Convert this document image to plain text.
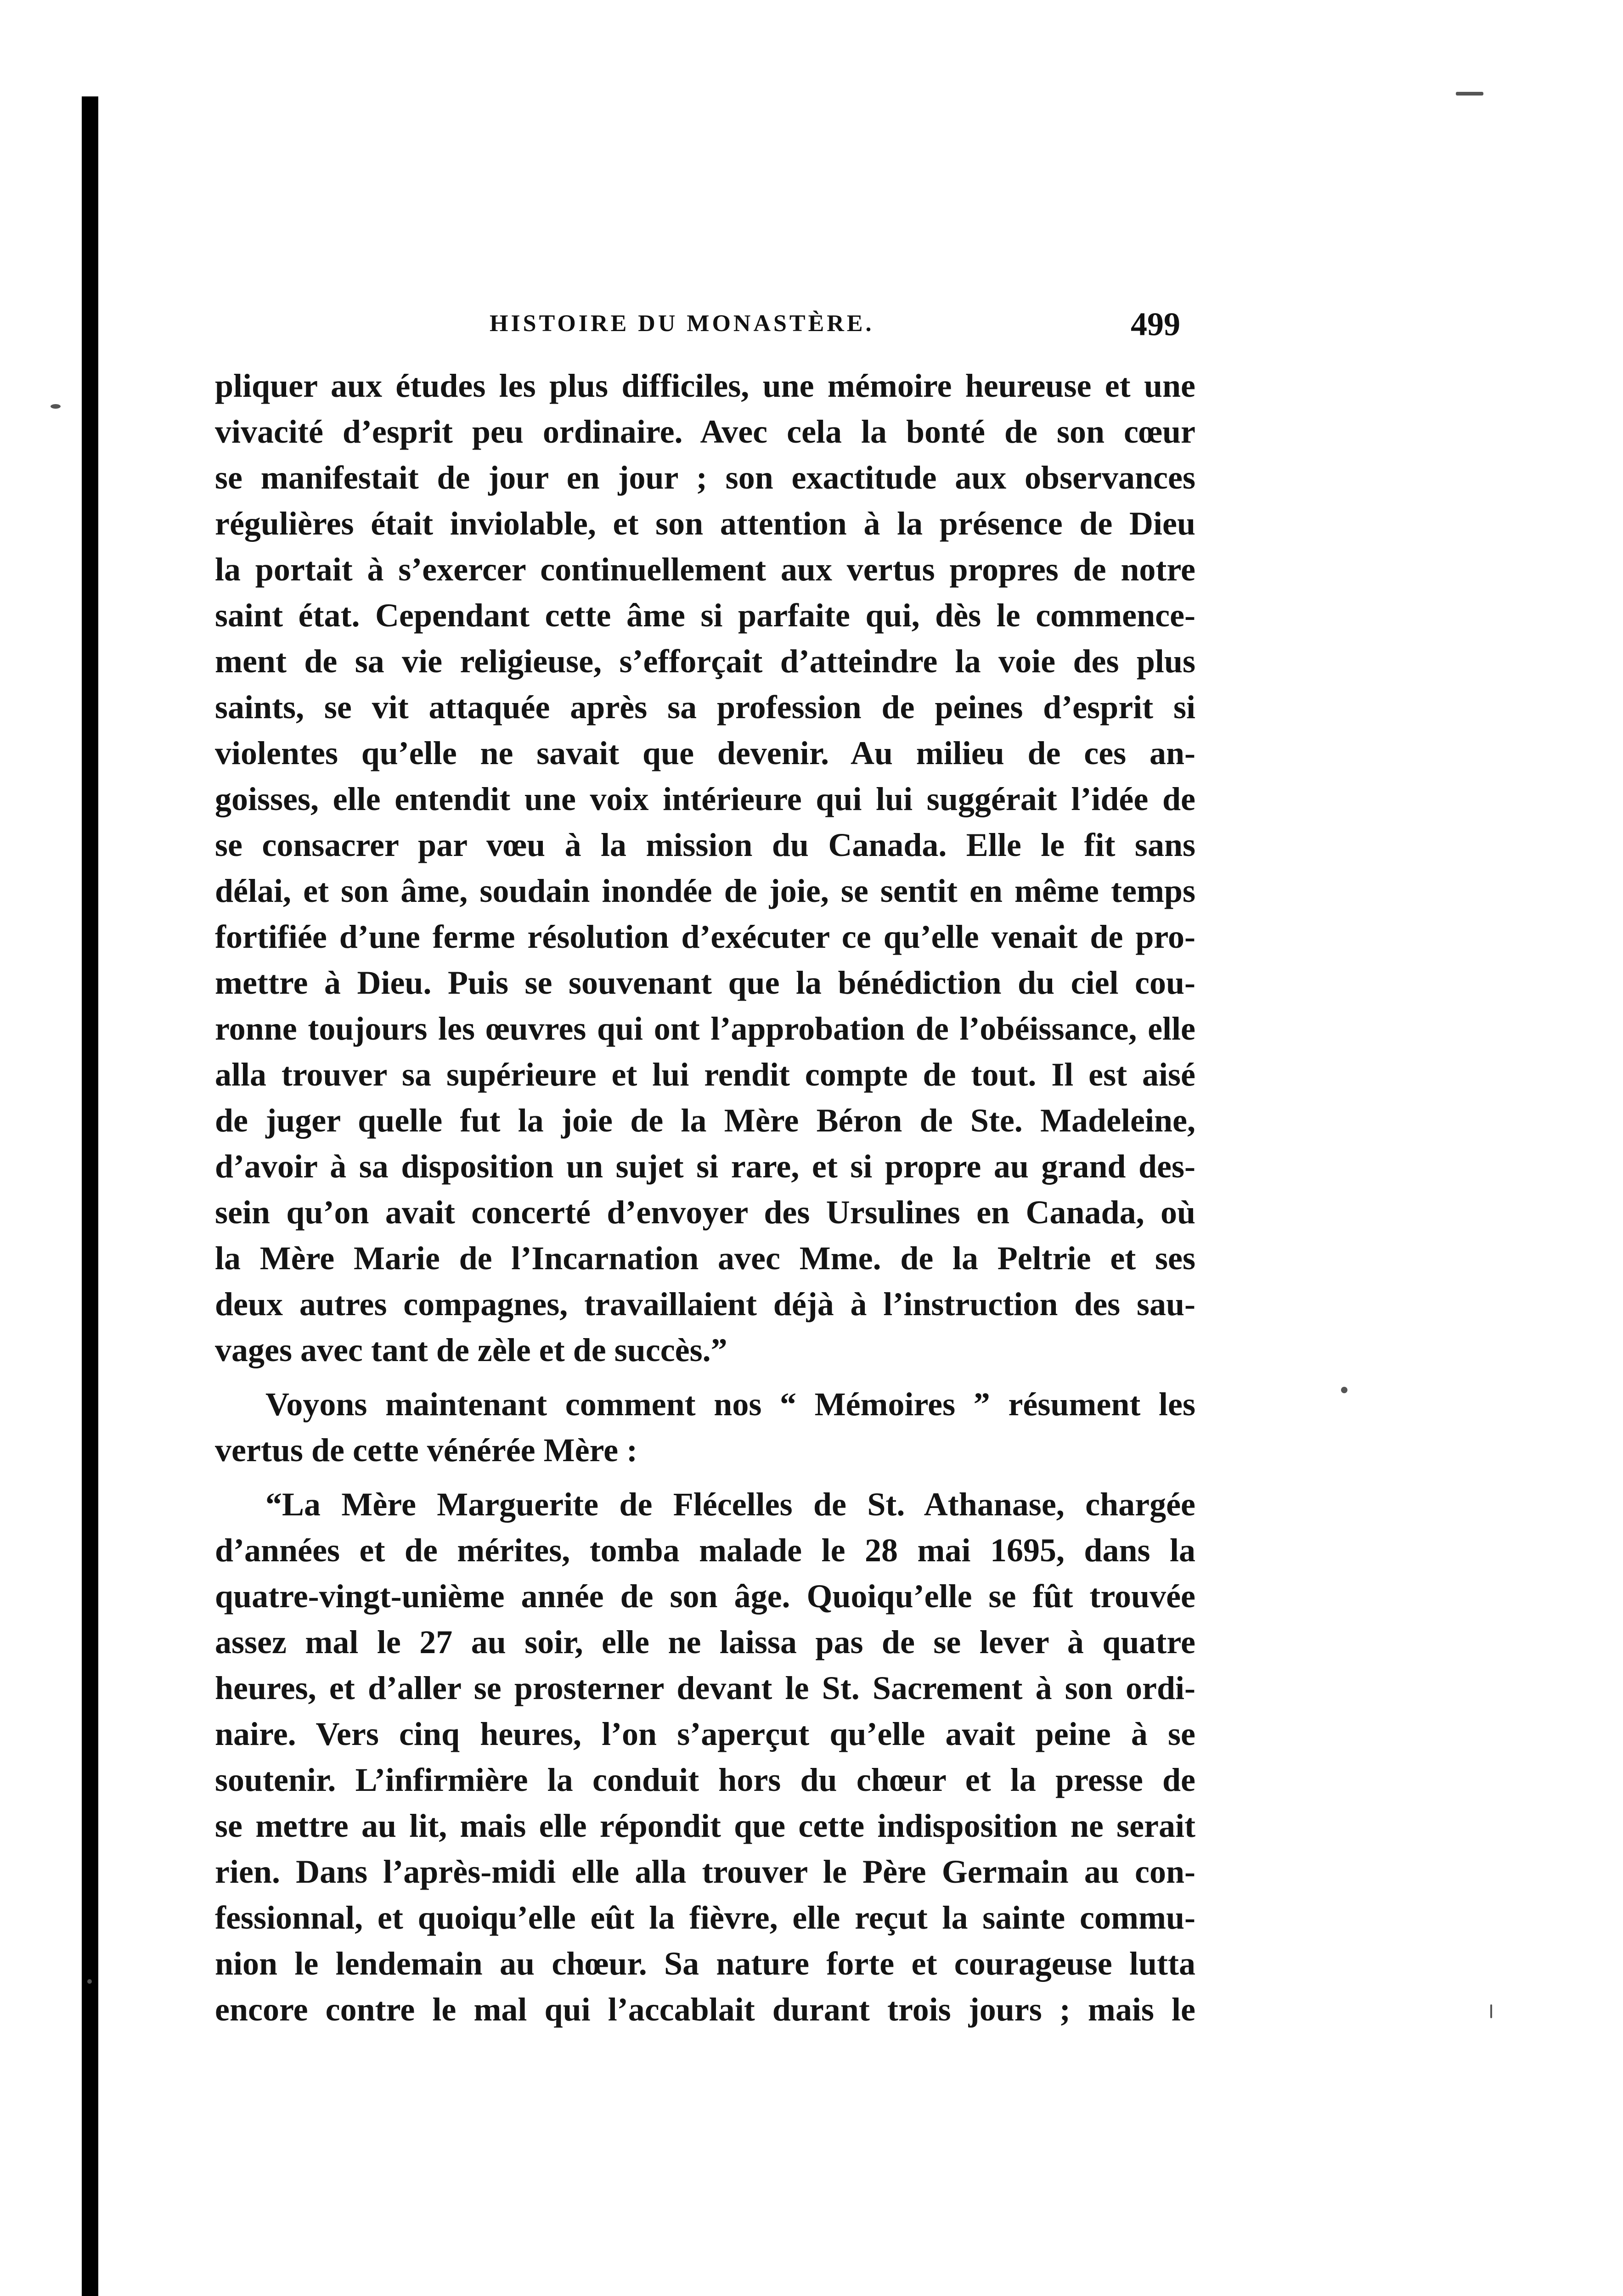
HISTOIRE DU MONASTÈRE.	499

pliquer aux études les plus difficiles, une mémoire heureuse et une
vivacité d’esprit peu ordinaire. Avec cela la bonté de son cœur
se manifestait de jour en jour ; son exactitude aux observances
régulières était inviolable, et son attention à la présence de Dieu
la portait à s’exercer continuellement aux vertus propres de notre
saint état. Cependant cette âme si parfaite qui, dès le commence-
ment de sa vie religieuse, s’efforçait d’atteindre la voie des plus
saints, se vit attaquée après sa profession de peines d’esprit si
violentes qu’elle ne savait que devenir. Au milieu de ces an-
goisses, elle entendit une voix intérieure qui lui suggérait l’idée de
se consacrer par vœu à la mission du Canada. Elle le fit sans
délai, et son âme, soudain inondée de joie, se sentit en même temps
fortifiée d’une ferme résolution d’exécuter ce qu’elle venait de pro-
mettre à Dieu. Puis se souvenant que la bénédiction du ciel cou-
ronne toujours les œuvres qui ont l’approbation de l’obéissance, elle
alla trouver sa supérieure et lui rendit compte de tout. Il est aisé
de juger quelle fut la joie de la Mère Béron de Ste. Madeleine,
d’avoir à sa disposition un sujet si rare, et si propre au grand des-
sein qu’on avait concerté d’envoyer des Ursulines en Canada, où
la Mère Marie de l’Incarnation avec Mme. de la Peltrie et ses
deux autres compagnes, travaillaient déjà à l’instruction des sau-
vages avec tant de zèle et de succès.”

Voyons maintenant comment nos “ Mémoires ” résument les
vertus de cette vénérée Mère :

“La Mère Marguerite de Flécelles de St. Athanase, chargée
d’années et de mérites, tomba malade le 28 mai 1695, dans la
quatre-vingt-unième année de son âge. Quoiqu’elle se fût trouvée
assez mal le 27 au soir, elle ne laissa pas de se lever à quatre
heures, et d’aller se prosterner devant le St. Sacrement à son ordi-
naire. Vers cinq heures, l’on s’aperçut qu’elle avait peine à se
soutenir. L’infirmière la conduit hors du chœur et la presse de
se mettre au lit, mais elle répondit que cette indisposition ne serait
rien. Dans l’après-midi elle alla trouver le Père Germain au con-
fessionnal, et quoiqu’elle eût la fièvre, elle reçut la sainte commu-
nion le lendemain au chœur. Sa nature forte et courageuse lutta
encore contre le mal qui l’accablait durant trois jours ; mais le
